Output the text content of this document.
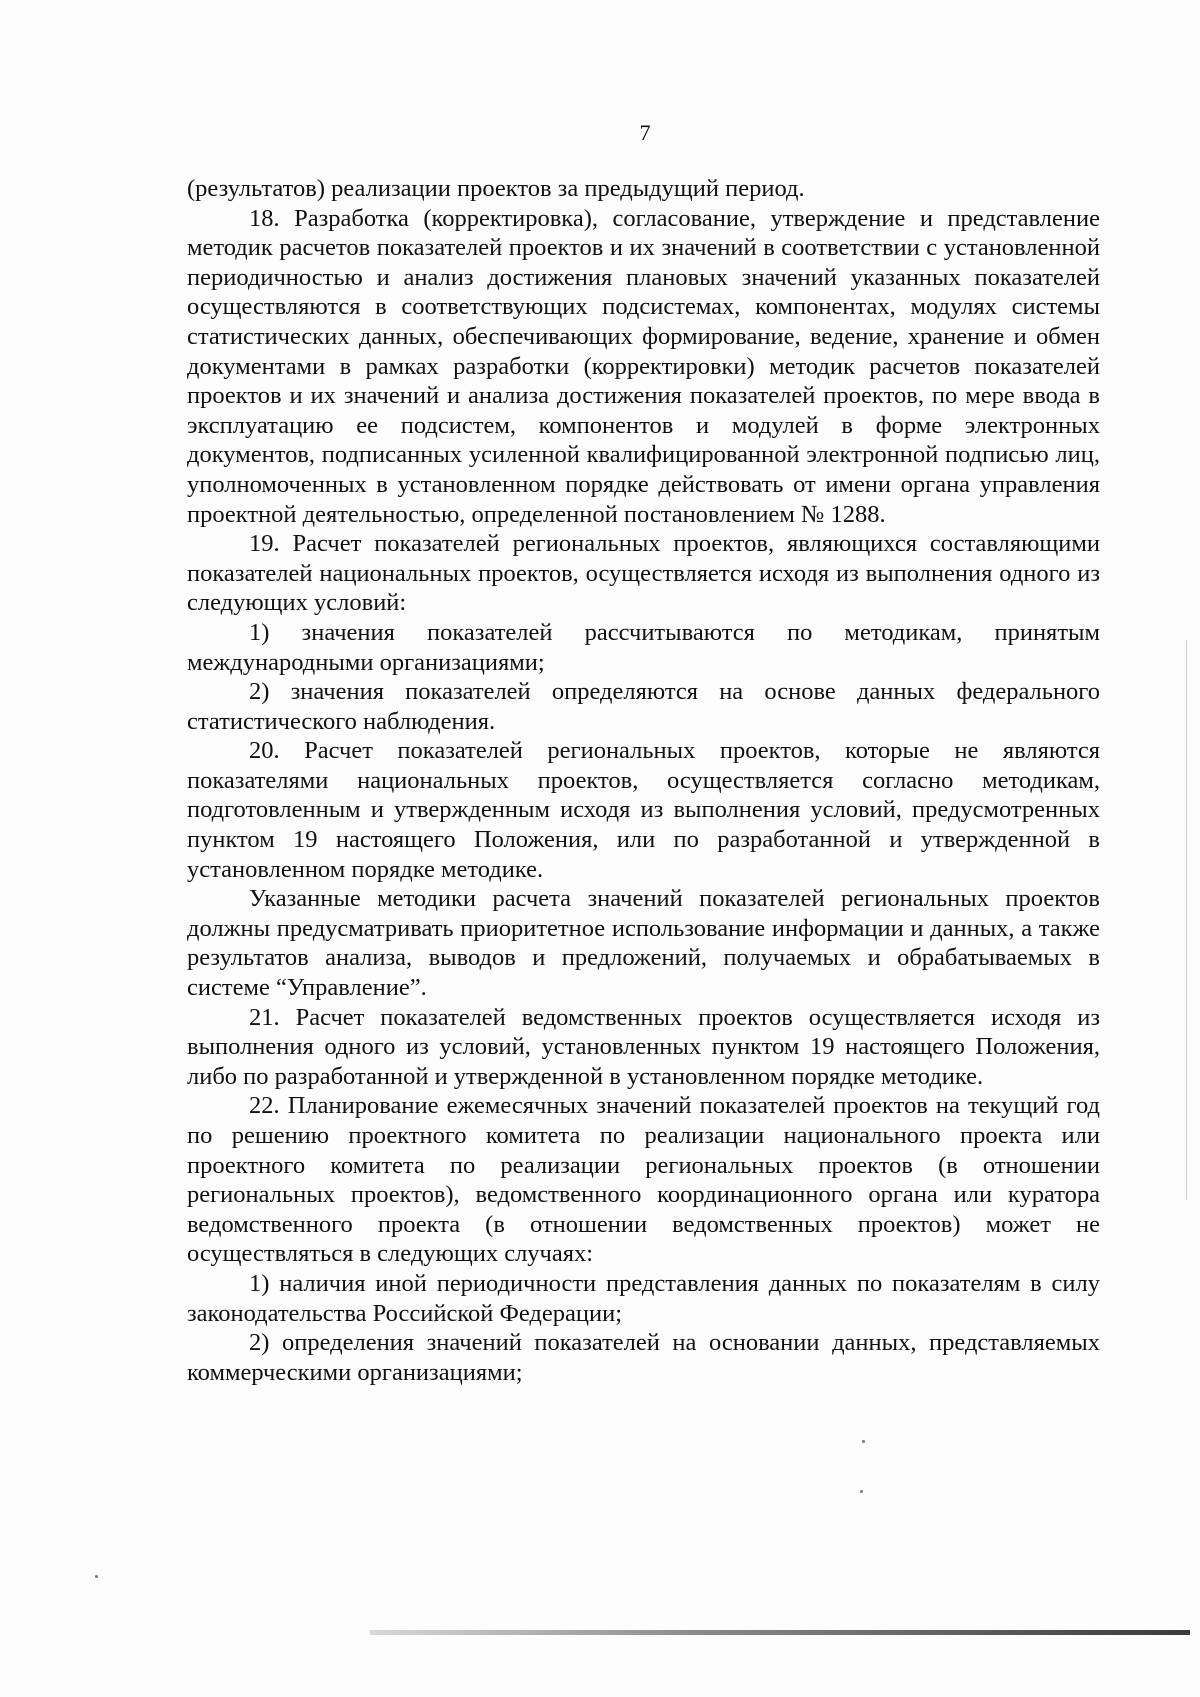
7

(результатов) реализации проектов за предыдущий период.

18. Разработка (корректировка), согласование, утверждение и представление методик расчетов показателей проектов и их значений в соответствии с установленной периодичностью и анализ достижения плановых значений указанных показателей осуществляются в соответствующих подсистемах, компонентах, модулях системы статистических данных, обеспечивающих формирование, ведение, хранение и обмен документами в рамках разработки (корректировки) методик расчетов показателей проектов и их значений и анализа достижения показателей проектов, по мере ввода в эксплуатацию ее подсистем, компонентов и модулей в форме электронных документов, подписанных усиленной квалифицированной электронной подписью лиц, уполномоченных в установленном порядке действовать от имени органа управления проектной деятельностью, определенной постановлением № 1288.

19. Расчет показателей региональных проектов, являющихся составляющими показателей национальных проектов, осуществляется исходя из выполнения одного из следующих условий:

1) значения показателей рассчитываются по методикам, принятым международными организациями;

2) значения показателей определяются на основе данных федерального статистического наблюдения.

20. Расчет показателей региональных проектов, которые не являются показателями национальных проектов, осуществляется согласно методикам, подготовленным и утвержденным исходя из выполнения условий, предусмотренных пунктом 19 настоящего Положения, или по разработанной и утвержденной в установленном порядке методике.

Указанные методики расчета значений показателей региональных проектов должны предусматривать приоритетное использование информации и данных, а также результатов анализа, выводов и предложений, получаемых и обрабатываемых в системе “Управление”.

21. Расчет показателей ведомственных проектов осуществляется исходя из выполнения одного из условий, установленных пунктом 19 настоящего Положения, либо по разработанной и утвержденной в установленном порядке методике.

22. Планирование ежемесячных значений показателей проектов на текущий год по решению проектного комитета по реализации национального проекта или проектного комитета по реализации региональных проектов (в отношении региональных проектов), ведомственного координационного органа или куратора ведомственного проекта (в отношении ведомственных проектов) может не осуществляться в следующих случаях:

1) наличия иной периодичности представления данных по показателям в силу законодательства Российской Федерации;

2) определения значений показателей на основании данных, представляемых коммерческими организациями;
